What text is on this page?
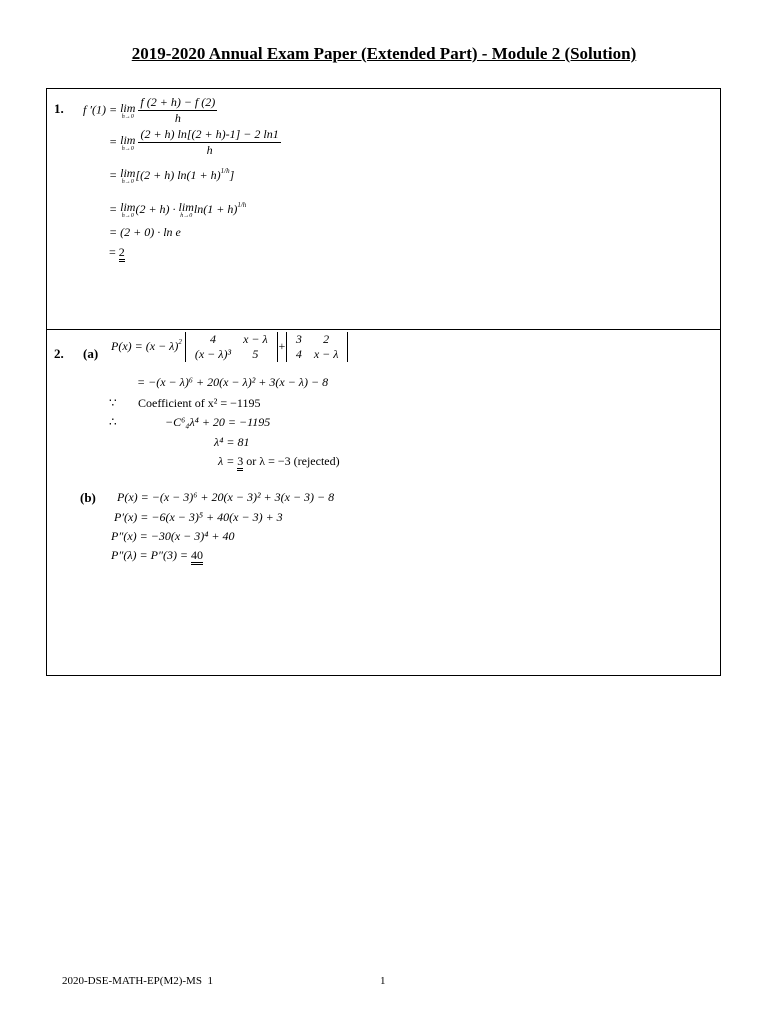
2019-2020 Annual Exam Paper (Extended Part) - Module 2 (Solution)
1. f ′(1) = lim
h→0
$\frac{f (2 + h) - f (2)}{h}$
= lim
h→0
$\frac{(2 + h) \ln[(2 + h)-1] - 2 \ln 1}{h}$
= lim
h→0
[(2 + h) $\ln(1 + h)^{1/h}$]
= lim
h→0
(2 + h) · lim
h→0
$\ln(1 + h)^{1/h}$
= (2 + 0) · ln e
= 2
2. (a)
$P(x) = (x - \lambda)^2$ 4	x − λ
(x − λ)³	5
+ 3	2
4	x − λ
= −(x − λ)⁶ + 20(x − λ)² + 3(x − λ) − 8
∵ Coefficient of x² = −1195
∴	−C⁶₄λ⁴ + 20 = −1195
λ⁴ = 81
λ = 3 or λ = −3 (rejected)
(b) P(x) = −(x − 3)⁶ + 20(x − 3)² + 3(x − 3) − 8
P′(x) = −6(x − 3)⁵ + 40(x − 3) + 3
P″(x) = −30(x − 3)⁴ + 40
P″(λ) = P″(3) = 40
2020-DSE-MATH-EP(M2)-MS 1	1
